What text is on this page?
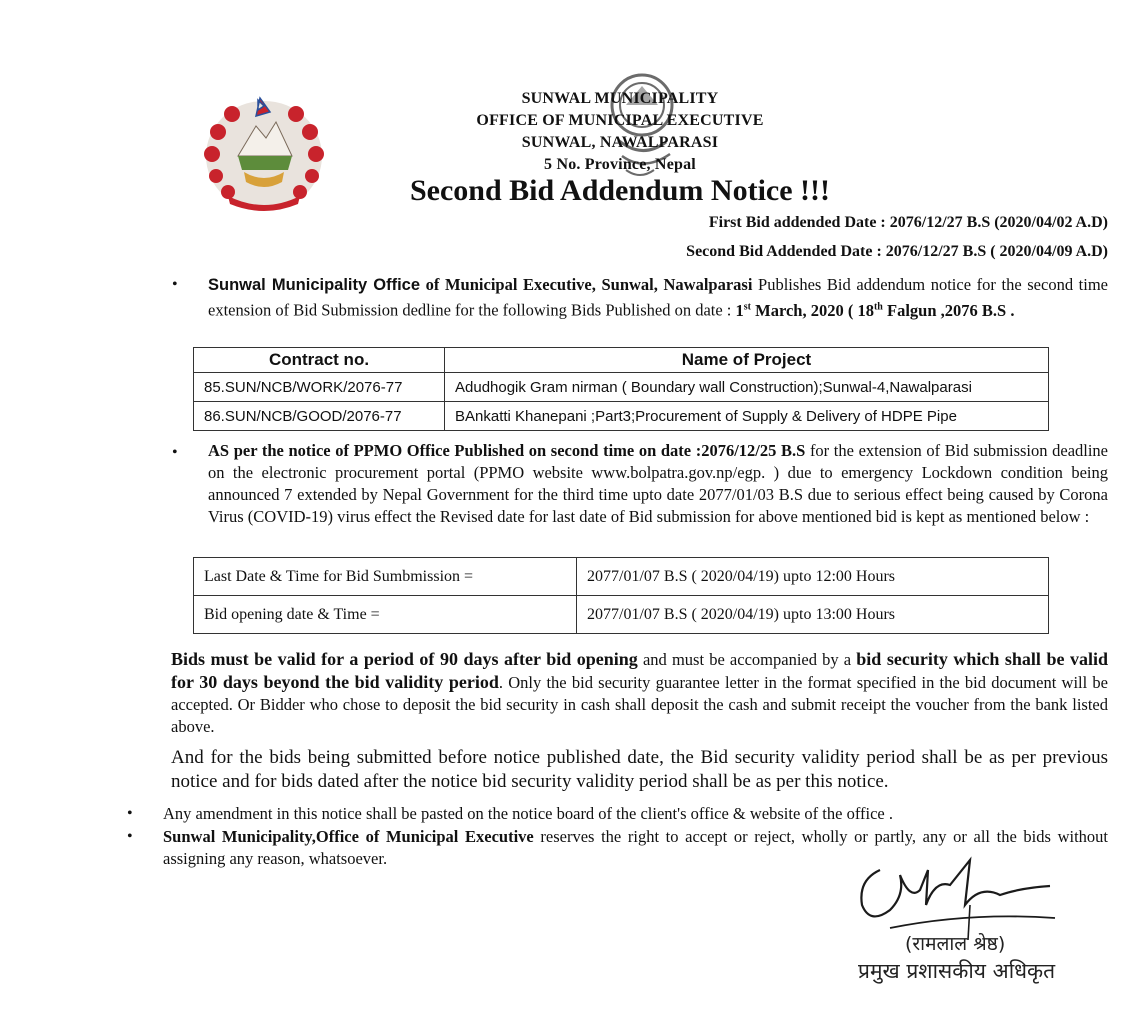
SUNWAL MUNICIPALITY
OFFICE OF MUNICIPAL EXECUTIVE
SUNWAL, NAWALPARASI
5 No. Province, Nepal
Second Bid Addendum Notice !!!
First Bid addended Date : 2076/12/27 B.S (2020/04/02 A.D)
Second Bid Addended Date : 2076/12/27 B.S ( 2020/04/09 A.D)
• Sunwal Municipality Office of Municipal Executive, Sunwal, Nawalparasi Publishes Bid addendum notice for the second time extension of Bid Submission dedline for the following Bids Published on date : 1st March, 2020 ( 18th Falgun ,2076 B.S .
Contract no.	Name of Project
85.SUN/NCB/WORK/2076-77	Adudhogik Gram nirman ( Boundary wall Construction);Sunwal-4,Nawalparasi
86.SUN/NCB/GOOD/2076-77	BAnkatti Khanepani ;Part3;Procurement of Supply & Delivery of HDPE Pipe
• AS per the notice of PPMO Office Published on second time on date :2076/12/25 B.S for the extension of Bid submission deadline on the electronic procurement portal (PPMO website www.bolpatra.gov.np/egp. ) due to emergency Lockdown condition being announced 7 extended by Nepal Government for the third time upto date 2077/01/03 B.S due to serious effect being caused by Corona Virus (COVID-19) virus effect the Revised date for last date of Bid submission for above mentioned bid is kept as mentioned below :
Last Date & Time for Bid Sumbmission =	2077/01/07 B.S ( 2020/04/19) upto 12:00 Hours
Bid opening date & Time =	2077/01/07 B.S ( 2020/04/19) upto 13:00 Hours
Bids must be valid for a period of 90 days after bid opening and must be accompanied by a bid security which shall be valid for 30 days beyond the bid validity period. Only the bid security guarantee letter in the format specified in the bid document will be accepted. Or Bidder who chose to deposit the bid security in cash shall deposit the cash and submit receipt the voucher from the bank listed above.
And for the bids being submitted before notice published date, the Bid security validity period shall be as per previous notice and for bids dated after the notice bid security validity period shall be as per this notice.
• Any amendment in this notice shall be pasted on the notice board of the client's office & website of the office .
• Sunwal Municipality,Office of Municipal Executive reserves the right to accept or reject, wholly or partly, any or all the bids without assigning any reason, whatsoever.
(रामलाल श्रेष्ठ)
प्रमुख प्रशासकीय अधिकृत
